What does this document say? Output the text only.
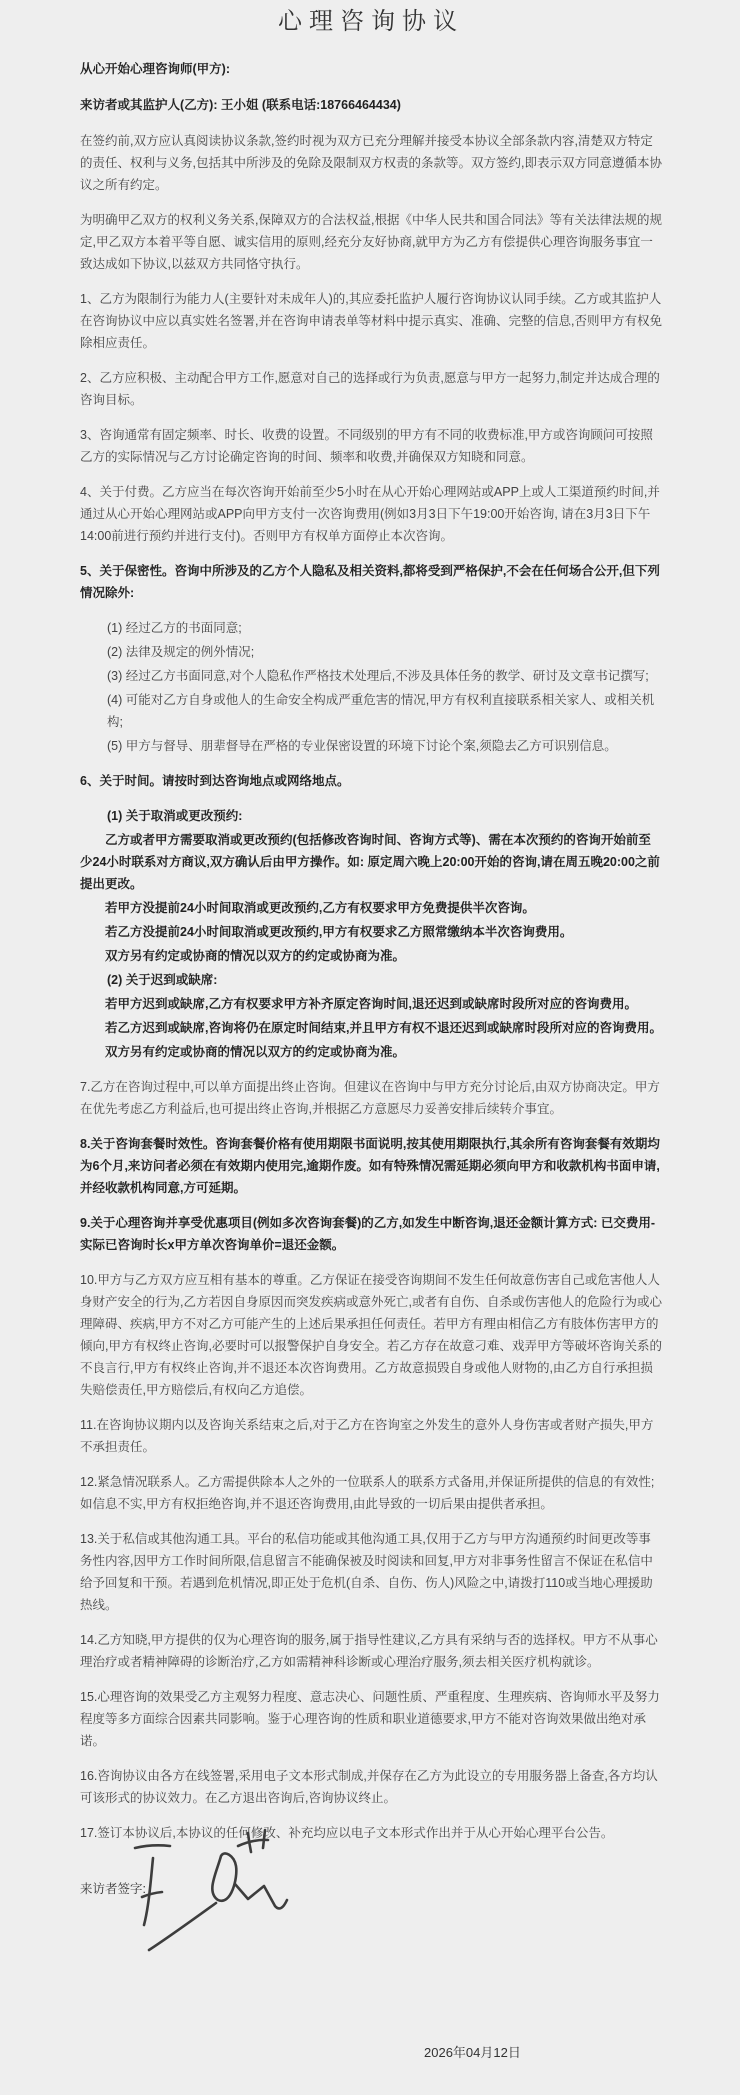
心理咨询协议

从心开始心理咨询师(甲方):

来访者或其监护人(乙方): 王小姐 (联系电话:18766464434)

在签约前,双方应认真阅读协议条款,签约时视为双方已充分理解并接受本协议全部条款内容,清楚双方特定的责任、权利与义务,包括其中所涉及的免除及限制双方权责的条款等。双方签约,即表示双方同意遵循本协议之所有约定。

为明确甲乙双方的权利义务关系,保障双方的合法权益,根据《中华人民共和国合同法》等有关法律法规的规定,甲乙双方本着平等自愿、诚实信用的原则,经充分友好协商,就甲方为乙方有偿提供心理咨询服务事宜一致达成如下协议,以兹双方共同恪守执行。

1、乙方为限制行为能力人(主要针对未成年人)的,其应委托监护人履行咨询协议认同手续。乙方或其监护人在咨询协议中应以真实姓名签署,并在咨询申请表单等材料中提示真实、准确、完整的信息,否则甲方有权免除相应责任。

2、乙方应积极、主动配合甲方工作,愿意对自己的选择或行为负责,愿意与甲方一起努力,制定并达成合理的咨询目标。

3、咨询通常有固定频率、时长、收费的设置。不同级别的甲方有不同的收费标准,甲方或咨询顾问可按照乙方的实际情况与乙方讨论确定咨询的时间、频率和收费,并确保双方知晓和同意。

4、关于付费。乙方应当在每次咨询开始前至少5小时在从心开始心理网站或APP上或人工渠道预约时间,并通过从心开始心理网站或APP向甲方支付一次咨询费用(例如3月3日下午19:00开始咨询, 请在3月3日下午14:00前进行预约并进行支付)。否则甲方有权单方面停止本次咨询。

5、关于保密性。咨询中所涉及的乙方个人隐私及相关资料,都将受到严格保护,不会在任何场合公开,但下列情况除外:

(1) 经过乙方的书面同意;

(2) 法律及规定的例外情况;

(3) 经过乙方书面同意,对个人隐私作严格技术处理后,不涉及具体任务的教学、研讨及文章书记撰写;

(4) 可能对乙方自身或他人的生命安全构成严重危害的情况,甲方有权利直接联系相关家人、或相关机构;

(5) 甲方与督导、朋辈督导在严格的专业保密设置的环境下讨论个案,须隐去乙方可识别信息。

6、关于时间。请按时到达咨询地点或网络地点。

(1) 关于取消或更改预约:

乙方或者甲方需要取消或更改预约(包括修改咨询时间、咨询方式等)、需在本次预约的咨询开始前至少24小时联系对方商议,双方确认后由甲方操作。如: 原定周六晚上20:00开始的咨询,请在周五晚20:00之前提出更改。

若甲方没提前24小时间取消或更改预约,乙方有权要求甲方免费提供半次咨询。

若乙方没提前24小时间取消或更改预约,甲方有权要求乙方照常缴纳本半次咨询费用。

双方另有约定或协商的情况以双方的约定或协商为准。

(2) 关于迟到或缺席:

若甲方迟到或缺席,乙方有权要求甲方补齐原定咨询时间,退还迟到或缺席时段所对应的咨询费用。

若乙方迟到或缺席,咨询将仍在原定时间结束,并且甲方有权不退还迟到或缺席时段所对应的咨询费用。

双方另有约定或协商的情况以双方的约定或协商为准。

7.乙方在咨询过程中,可以单方面提出终止咨询。但建议在咨询中与甲方充分讨论后,由双方协商决定。甲方在优先考虑乙方利益后,也可提出终止咨询,并根据乙方意愿尽力妥善安排后续转介事宜。

8.关于咨询套餐时效性。咨询套餐价格有使用期限书面说明,按其使用期限执行,其余所有咨询套餐有效期均为6个月,来访问者必须在有效期内使用完,逾期作废。如有特殊情况需延期必须向甲方和收款机构书面申请,并经收款机构同意,方可延期。

9.关于心理咨询并享受优惠项目(例如多次咨询套餐)的乙方,如发生中断咨询,退还金额计算方式: 已交费用-实际已咨询时长x甲方单次咨询单价=退还金额。

10.甲方与乙方双方应互相有基本的尊重。乙方保证在接受咨询期间不发生任何故意伤害自己或危害他人人身财产安全的行为,乙方若因自身原因而突发疾病或意外死亡,或者有自伤、自杀或伤害他人的危险行为或心理障碍、疾病,甲方不对乙方可能产生的上述后果承担任何责任。若甲方有理由相信乙方有肢体伤害甲方的倾向,甲方有权终止咨询,必要时可以报警保护自身安全。若乙方存在故意刁难、戏弄甲方等破坏咨询关系的不良言行,甲方有权终止咨询,并不退还本次咨询费用。乙方故意损毁自身或他人财物的,由乙方自行承担损失赔偿责任,甲方赔偿后,有权向乙方追偿。

11.在咨询协议期内以及咨询关系结束之后,对于乙方在咨询室之外发生的意外人身伤害或者财产损失,甲方不承担责任。

12.紧急情况联系人。乙方需提供除本人之外的一位联系人的联系方式备用,并保证所提供的信息的有效性;如信息不实,甲方有权拒绝咨询,并不退还咨询费用,由此导致的一切后果由提供者承担。

13.关于私信或其他沟通工具。平台的私信功能或其他沟通工具,仅用于乙方与甲方沟通预约时间更改等事务性内容,因甲方工作时间所限,信息留言不能确保被及时阅读和回复,甲方对非事务性留言不保证在私信中给予回复和干预。若遇到危机情况,即正处于危机(自杀、自伤、伤人)风险之中,请拨打110或当地心理援助热线。

14.乙方知晓,甲方提供的仅为心理咨询的服务,属于指导性建议,乙方具有采纳与否的选择权。甲方不从事心理治疗或者精神障碍的诊断治疗,乙方如需精神科诊断或心理治疗服务,须去相关医疗机构就诊。

15.心理咨询的效果受乙方主观努力程度、意志决心、问题性质、严重程度、生理疾病、咨询师水平及努力程度等多方面综合因素共同影响。鉴于心理咨询的性质和职业道德要求,甲方不能对咨询效果做出绝对承诺。

16.咨询协议由各方在线签署,采用电子文本形式制成,并保存在乙方为此设立的专用服务器上备查,各方均认可该形式的协议效力。在乙方退出咨询后,咨询协议终止。

17.签订本协议后,本协议的任何修改、补充均应以电子文本形式作出并于从心开始心理平台公告。

来访者签字:

2026年04月12日
